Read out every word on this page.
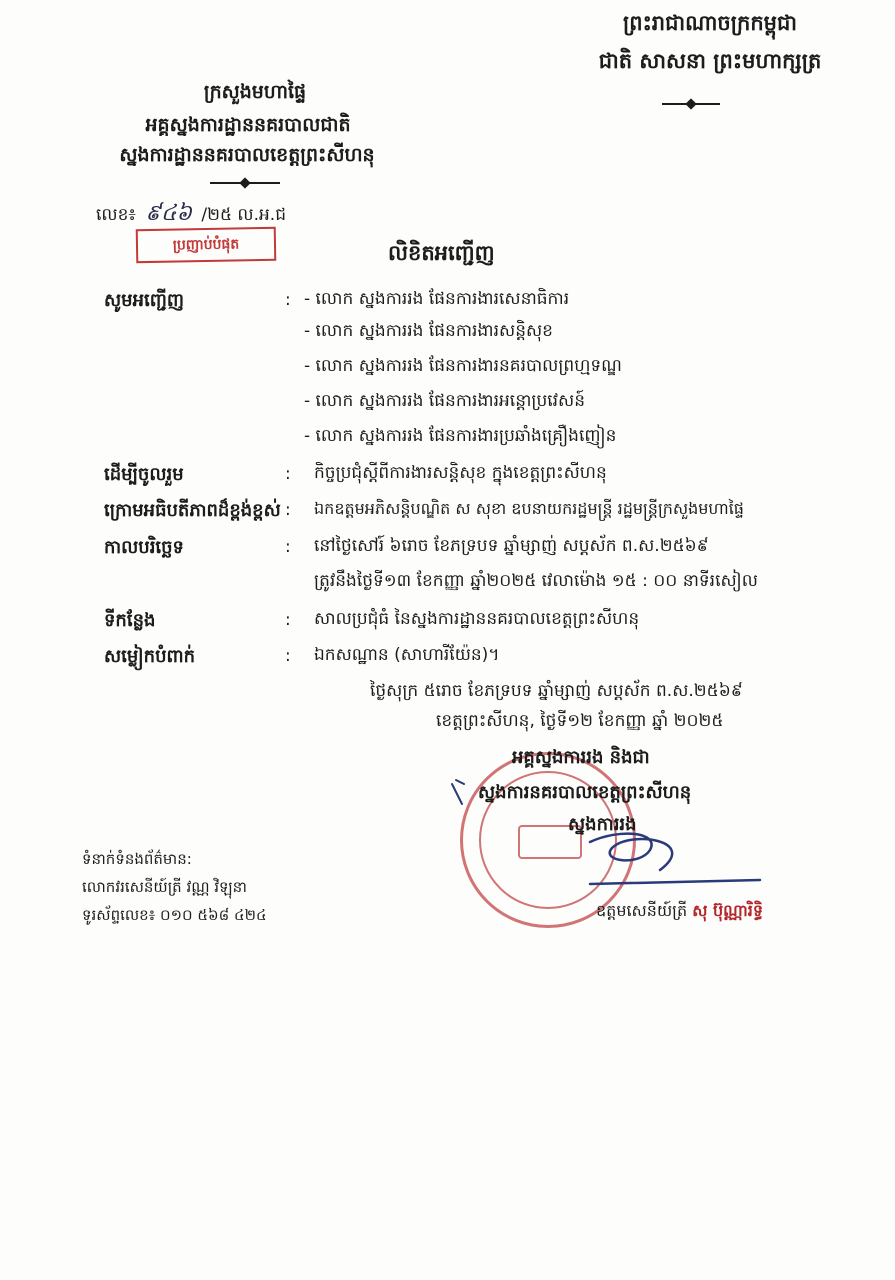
ព្រះរាជាណាចក្រកម្ពុជា
ជាតិ សាសនា ព្រះមហាក្សត្រ
ក្រសួងមហាផ្ទៃ
អគ្គស្នងការដ្ឋាននគរបាលជាតិ
ស្នងការដ្ឋាននគរបាលខេត្តព្រះសីហនុ
លេខ៖ ៩៤៦ /២៥ ល.អ.ជ
ប្រញាប់បំផុត	លិខិតអញ្ជើញ
សូមអញ្ជើញ	: - លោក ស្នងការរង ផែនការងារសេនាធិការ
- លោក ស្នងការរង ផែនការងារសន្តិសុខ
- លោក ស្នងការរង ផែនការងារនគរបាលព្រហ្មទណ្ឌ
- លោក ស្នងការរង ផែនការងារអន្តោប្រវេសន៍
- លោក ស្នងការរង ផែនការងារប្រឆាំងគ្រឿងញៀន
ដើម្បីចូលរួម	: កិច្ចប្រជុំស្តីពីការងារសន្តិសុខ ក្នុងខេត្តព្រះសីហនុ
ក្រោមអធិបតីភាពដ៏ខ្ពង់ខ្ពស់ : ឯកឧត្តមអភិសន្តិបណ្ឌិត ស សុខា ឧបនាយករដ្ឋមន្ត្រី រដ្ឋមន្ត្រីក្រសួងមហាផ្ទៃ
កាលបរិច្ឆេទ	: នៅថ្ងៃសៅរ៍ ៦រោច ខែភទ្របទ ឆ្នាំម្សាញ់ សប្តស័ក ព.ស.២៥៦៩
ត្រូវនឹងថ្ងៃទី១៣ ខែកញ្ញា ឆ្នាំ២០២៥ វេលាម៉ោង ១៥ : ០០ នាទីរសៀល
ទីកន្លែង	: សាលប្រជុំធំ នៃស្នងការដ្ឋាននគរបាលខេត្តព្រះសីហនុ
សម្លៀកបំពាក់	: ឯកសណ្ឋាន (សាហារីយ៉ែន)។
ថ្ងៃសុក្រ ៥រោច ខែភទ្របទ ឆ្នាំម្សាញ់ សប្តស័ក ព.ស.២៥៦៩
ខេត្តព្រះសីហនុ, ថ្ងៃទី១២ ខែកញ្ញា ឆ្នាំ ២០២៥
អគ្គស្នងការរង និងជា
ស្នងការនគរបាលខេត្តព្រះសីហនុ
ស្នងការរង
ឧត្តមសេនីយ៍ត្រី សុ ប៊ុណ្ណារិទ្ធិ
ទំនាក់ទំនងព័ត៌មាន:
លោកវរសេនីយ៍ត្រី វណ្ណ វិឡុនា
ទូរស័ព្ទលេខ៖ ០១០ ៥៦៨ ៤២៤
